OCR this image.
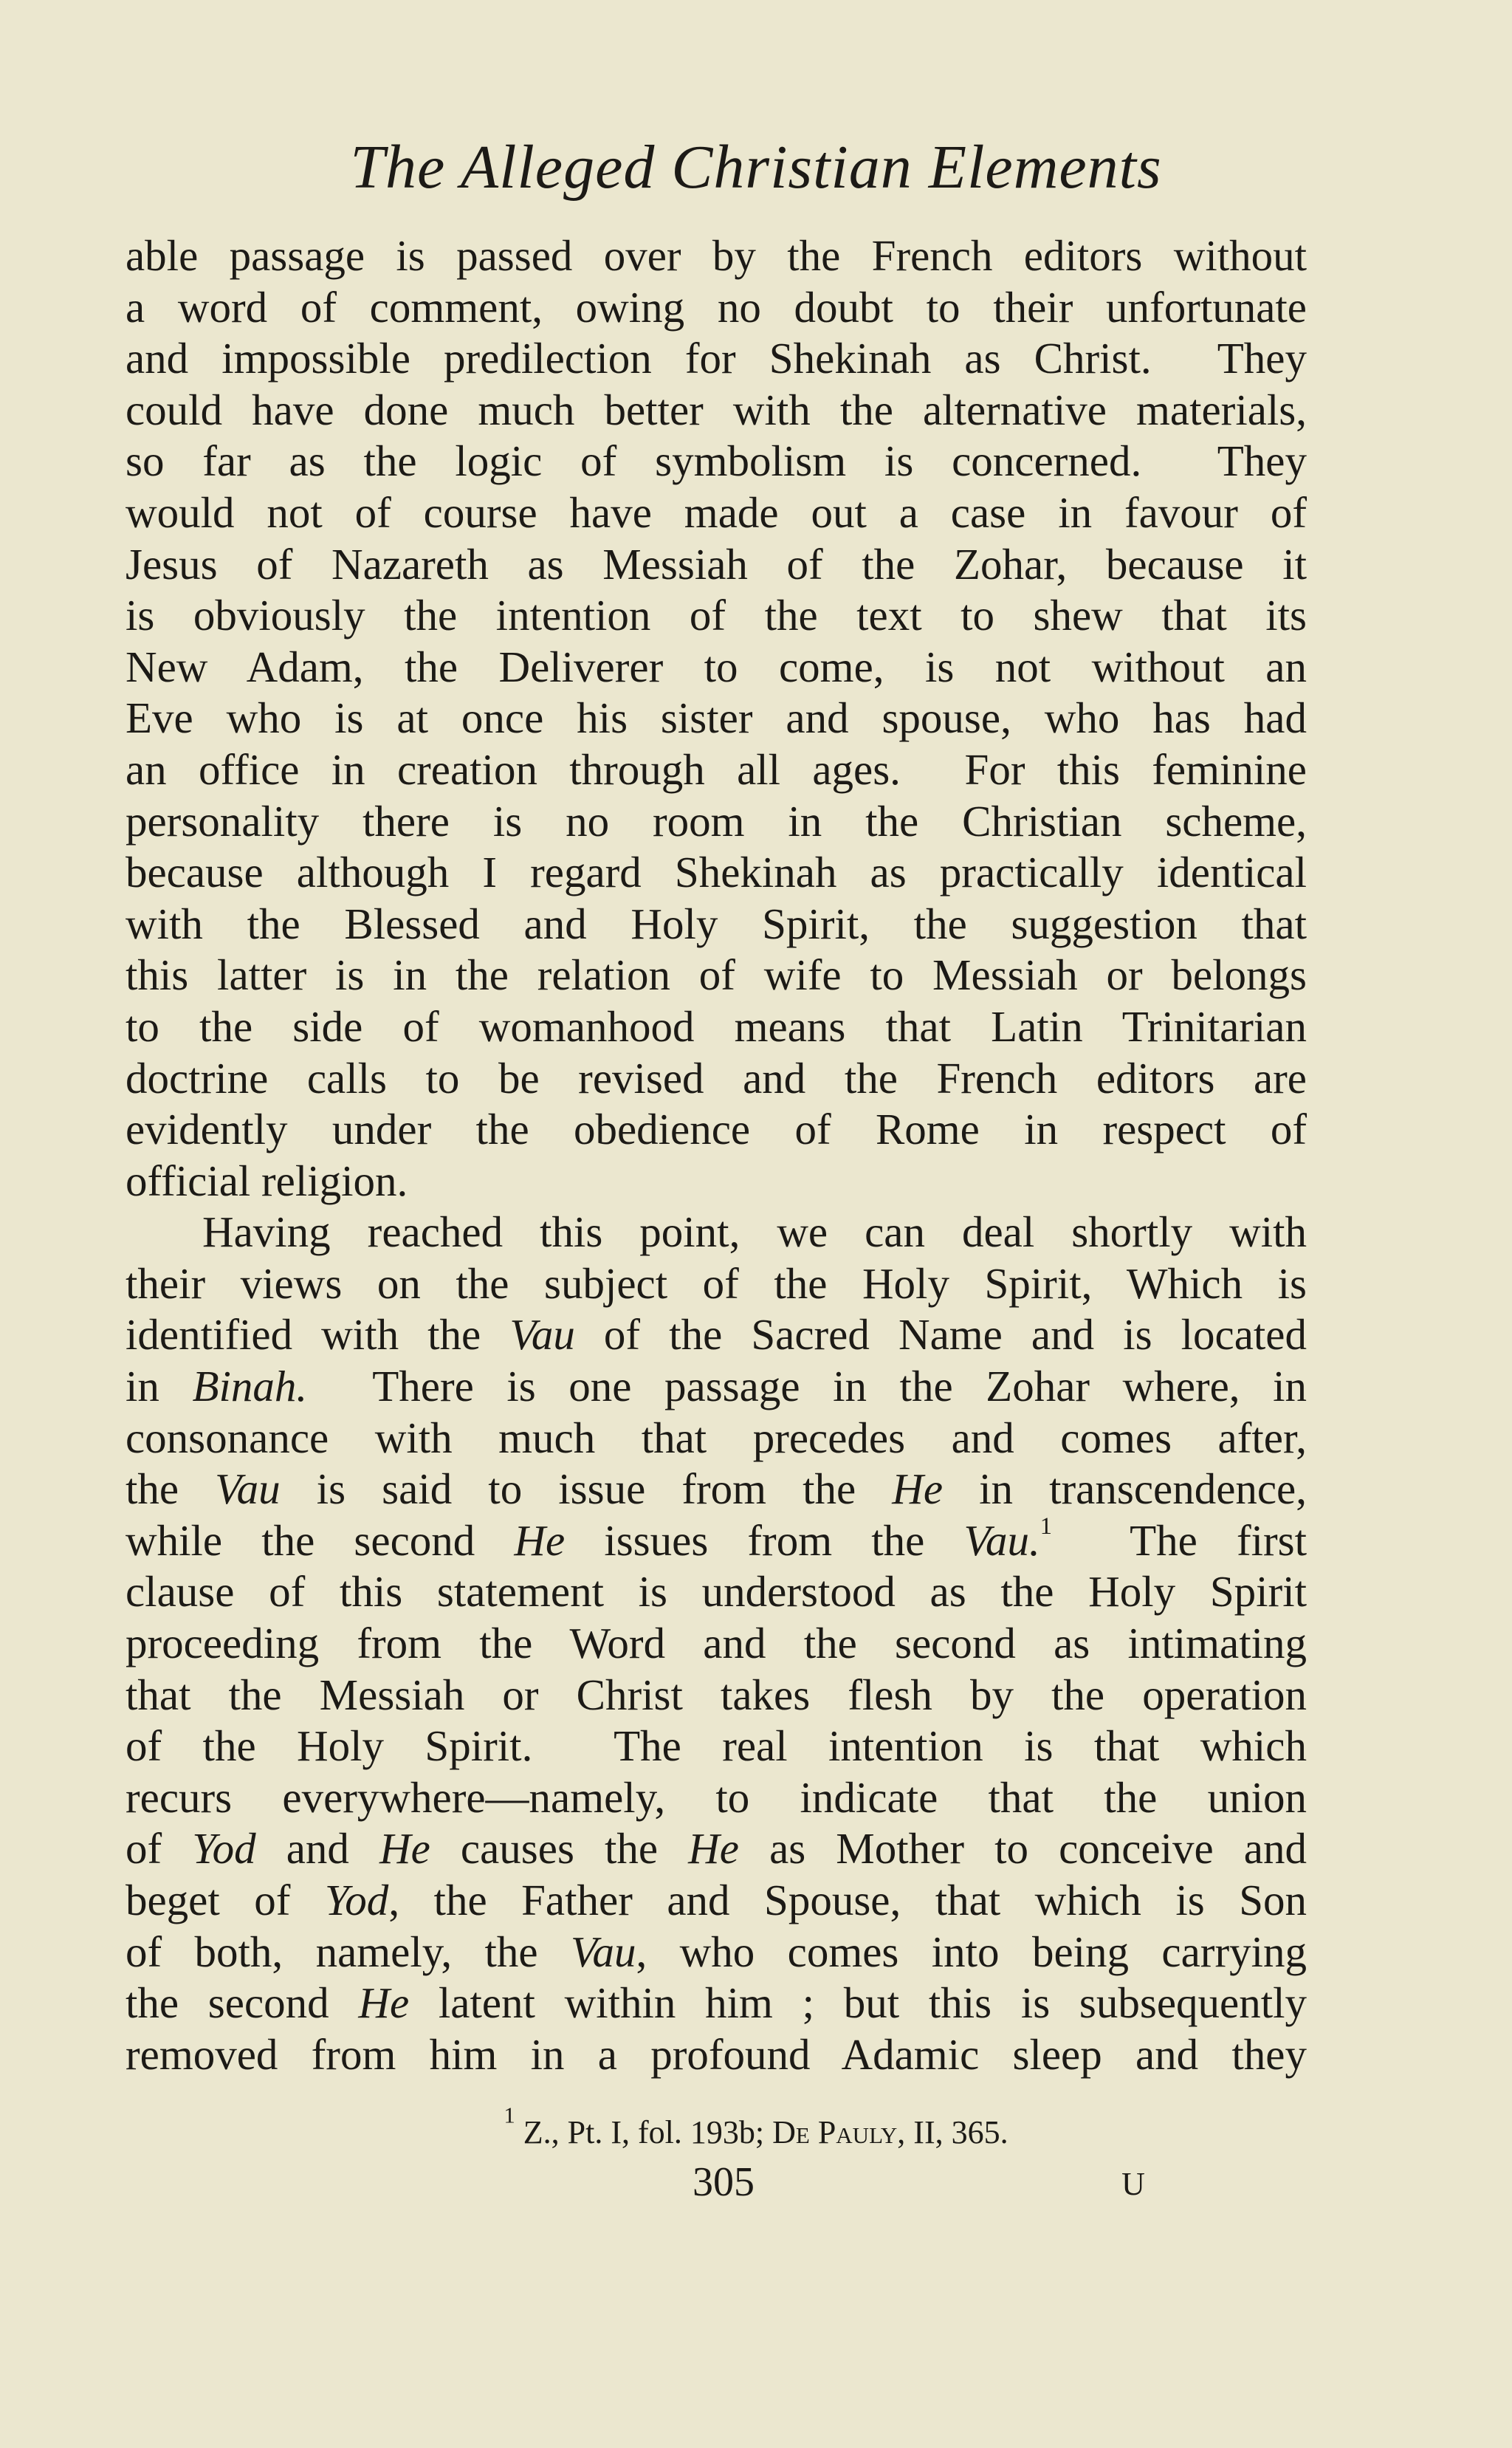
The Alleged Christian Elements
able passage is passed over by the French editors without
a word of comment, owing no doubt to their unfortunate
and impossible predilection for Shekinah as Christ.  They
could have done much better with the alternative materials,
so far as the logic of symbolism is concerned.  They
would not of course have made out a case in favour of
Jesus of Nazareth as Messiah of the Zohar, because it
is obviously the intention of the text to shew that its
New Adam, the Deliverer to come, is not without an
Eve who is at once his sister and spouse, who has had
an office in creation through all ages.  For this feminine
personality there is no room in the Christian scheme,
because although I regard Shekinah as practically identical
with the Blessed and Holy Spirit, the suggestion that
this latter is in the relation of wife to Messiah or belongs
to the side of womanhood means that Latin Trinitarian
doctrine calls to be revised and the French editors are
evidently under the obedience of Rome in respect of
official religion.
Having reached this point, we can deal shortly with
their views on the subject of the Holy Spirit, Which is
identified with the Vau of the Sacred Name and is located
in Binah.  There is one passage in the Zohar where, in
consonance with much that precedes and comes after,
the Vau is said to issue from the He in transcendence,
while the second He issues from the Vau.$^1$  The first
clause of this statement is understood as the Holy Spirit
proceeding from the Word and the second as intimating
that the Messiah or Christ takes flesh by the operation
of the Holy Spirit.  The real intention is that which
recurs everywhere—namely, to indicate that the union
of Yod and He causes the He as Mother to conceive and
beget of Yod, the Father and Spouse, that which is Son
of both, namely, the Vau, who comes into being carrying
the second He latent within him ; but this is subsequently
removed from him in a profound Adamic sleep and they
$^1$ Z., Pt. I, fol. 193b; De Pauly, II, 365.
305	U
